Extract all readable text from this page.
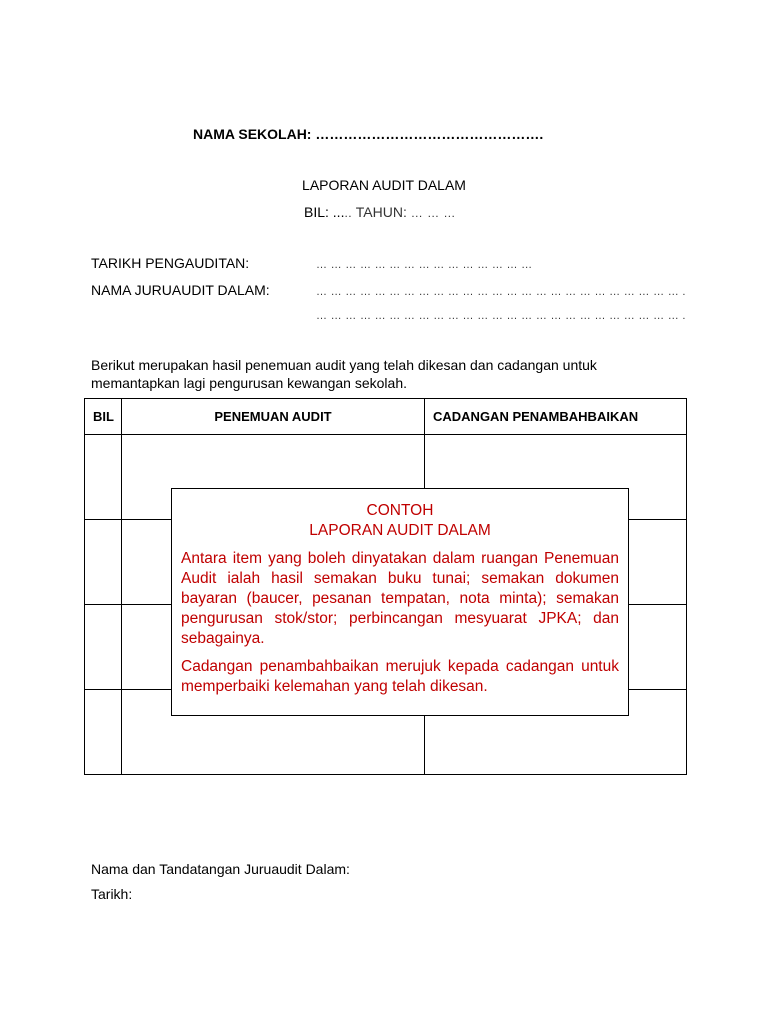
NAMA SEKOLAH: ………………………………………….
LAPORAN AUDIT DALAM
BIL: ..... TAHUN: … … …
TARIKH PENGAUDITAN:	… … … … … … … … … … … … … … …
NAMA JURUAUDIT DALAM:	… … … … … … … … … … … … … … … … … … … … … … … … … .
… … … … … … … … … … … … … … … … … … … … … … … … … .
Berikut merupakan hasil penemuan audit yang telah dikesan dan cadangan untuk memantapkan lagi pengurusan kewangan sekolah.
BIL	PENEMUAN AUDIT	CADANGAN PENAMBAHBAIKAN

CONTOH
LAPORAN AUDIT DALAM

Antara item yang boleh dinyatakan dalam ruangan Penemuan Audit ialah hasil semakan buku tunai; semakan dokumen bayaran (baucer, pesanan tempatan, nota minta); semakan pengurusan stok/stor; perbincangan mesyuarat JPKA; dan sebagainya.

Cadangan penambahbaikan merujuk kepada cadangan untuk memperbaiki kelemahan yang telah dikesan.

Nama dan Tandatangan Juruaudit Dalam:
Tarikh:
